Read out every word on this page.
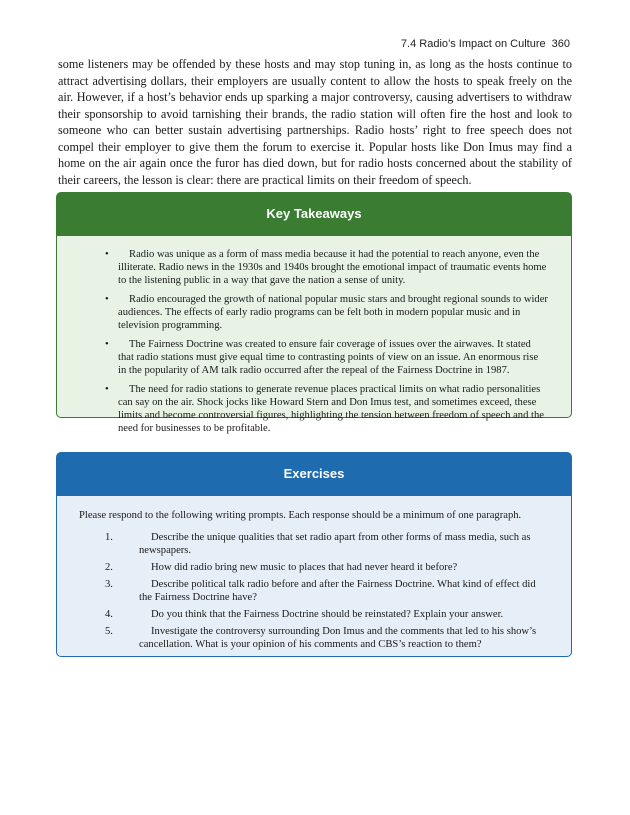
7.4 Radio’s Impact on Culture 360

some listeners may be offended by these hosts and may stop tuning in, as long as the hosts continue to attract advertising dollars, their employers are usually content to allow the hosts to speak freely on the air. However, if a host’s behavior ends up sparking a major controversy, causing advertisers to withdraw their sponsorship to avoid tarnishing their brands, the radio station will often fire the host and look to someone who can better sustain advertising partnerships. Radio hosts’ right to free speech does not compel their employer to give them the forum to exercise it. Popular hosts like Don Imus may find a home on the air again once the furor has died down, but for radio hosts concerned about the stability of their careers, the lesson is clear: there are practical limits on their freedom of speech.

Key Takeaways
•	Radio was unique as a form of mass media because it had the potential to reach anyone, even the illiterate. Radio news in the 1930s and 1940s brought the emotional impact of traumatic events home to the listening public in a way that gave the nation a sense of unity.
•	Radio encouraged the growth of national popular music stars and brought regional sounds to wider audiences. The effects of early radio programs can be felt both in modern popular music and in television programming.
•	The Fairness Doctrine was created to ensure fair coverage of issues over the airwaves. It stated that radio stations must give equal time to contrasting points of view on an issue. An enormous rise in the popularity of AM talk radio occurred after the repeal of the Fairness Doctrine in 1987.
•	The need for radio stations to generate revenue places practical limits on what radio personalities can say on the air. Shock jocks like Howard Stern and Don Imus test, and sometimes exceed, these limits and become controversial figures, highlighting the tension between freedom of speech and the need for businesses to be profitable.
Exercises

Please respond to the following writing prompts. Each response should be a minimum of one paragraph.

1.	Describe the unique qualities that set radio apart from other forms of mass media, such as newspapers.
2.	How did radio bring new music to places that had never heard it before?
3.	Describe political talk radio before and after the Fairness Doctrine. What kind of effect did the Fairness Doctrine have?
4.	Do you think that the Fairness Doctrine should be reinstated? Explain your answer.
5.	Investigate the controversy surrounding Don Imus and the comments that led to his show’s cancellation. What is your opinion of his comments and CBS’s reaction to them?
